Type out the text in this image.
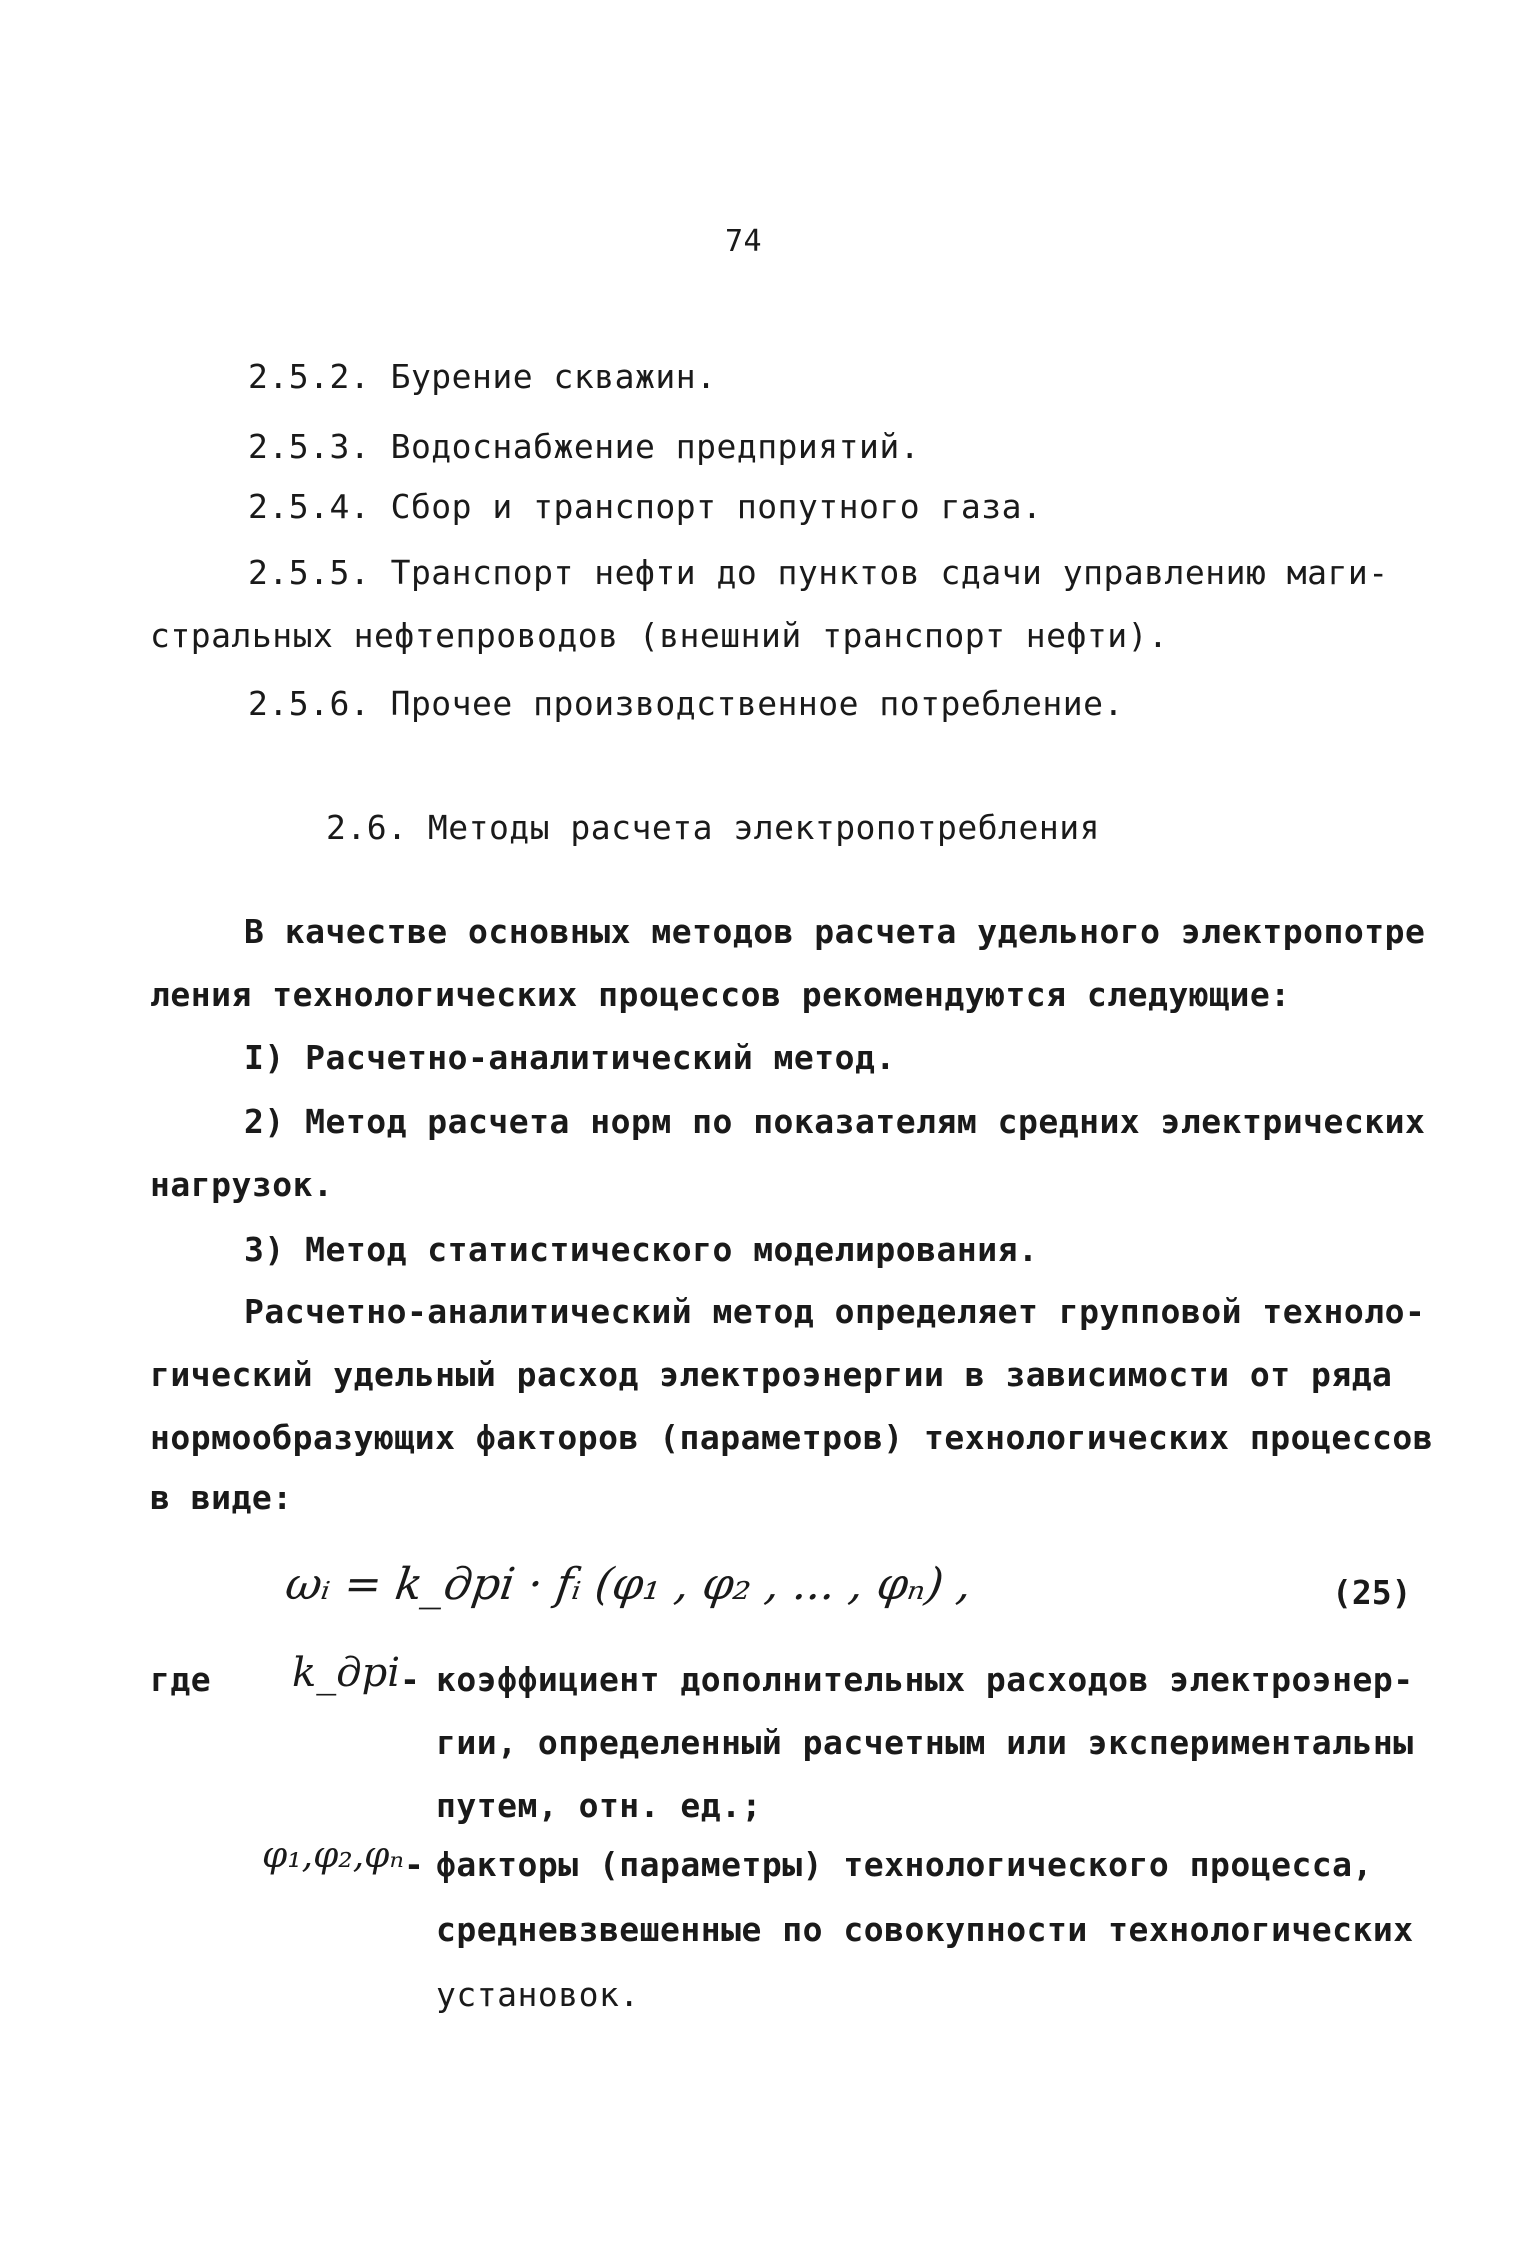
74
2.5.2. Бурение скважин.
2.5.3. Водоснабжение предприятий.
2.5.4. Сбор и транспорт попутного газа.
2.5.5. Транспорт нефти до пунктов сдачи управлению маги-
стральных нефтепроводов (внешний транспорт нефти).
2.5.6. Прочее производственное потребление.
2.6. Методы расчета электропотребления
В качестве основных методов расчета удельного электропотре
ления технологических процессов рекомендуются следующие:
I) Расчетно-аналитический метод.
2) Метод расчета норм по показателям средних электрических
нагрузок.
3) Метод статистического моделирования.
Расчетно-аналитический метод определяет групповой техноло-
гический удельный расход электроэнергии в зависимости от ряда
нормообразующих факторов (параметров) технологических процессов
в виде:
ωᵢ = k_дрi · fᵢ (φ₁ , φ₂ , ... , φₙ) ,	(25)
где k_дрi - коэффициент дополнительных расходов электроэнер-
гии, определенный расчетным или экспериментальны
путем, отн. ед.;
φ₁,φ₂,φₙ - факторы (параметры) технологического процесса,
средневзвешенные по совокупности технологических
установок.
